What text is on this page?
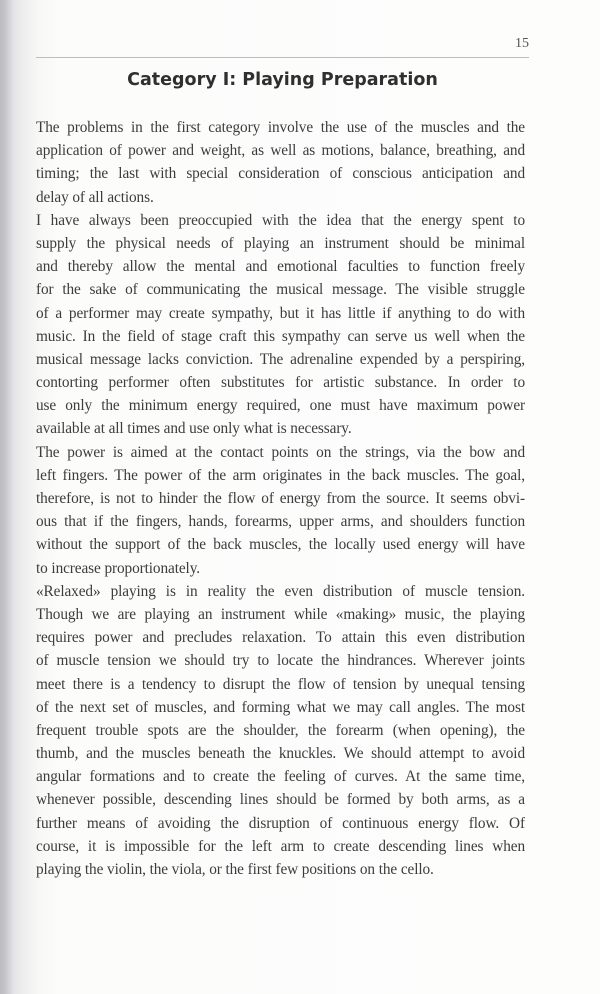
15
Category I: Playing Preparation
The problems in the first category involve the use of the muscles and the
application of power and weight, as well as motions, balance, breathing, and
timing; the last with special consideration of conscious anticipation and
delay of all actions.
I have always been preoccupied with the idea that the energy spent to
supply the physical needs of playing an instrument should be minimal
and thereby allow the mental and emotional faculties to function freely
for the sake of communicating the musical message. The visible struggle
of a performer may create sympathy, but it has little if anything to do with
music. In the field of stage craft this sympathy can serve us well when the
musical message lacks conviction. The adrenaline expended by a perspiring,
contorting performer often substitutes for artistic substance. In order to
use only the minimum energy required, one must have maximum power
available at all times and use only what is necessary.
The power is aimed at the contact points on the strings, via the bow and
left fingers. The power of the arm originates in the back muscles. The goal,
therefore, is not to hinder the flow of energy from the source. It seems obvi-
ous that if the fingers, hands, forearms, upper arms, and shoulders function
without the support of the back muscles, the locally used energy will have
to increase proportionately.
«Relaxed» playing is in reality the even distribution of muscle tension.
Though we are playing an instrument while «making» music, the playing
requires power and precludes relaxation. To attain this even distribution
of muscle tension we should try to locate the hindrances. Wherever joints
meet there is a tendency to disrupt the flow of tension by unequal tensing
of the next set of muscles, and forming what we may call angles. The most
frequent trouble spots are the shoulder, the forearm (when opening), the
thumb, and the muscles beneath the knuckles. We should attempt to avoid
angular formations and to create the feeling of curves. At the same time,
whenever possible, descending lines should be formed by both arms, as a
further means of avoiding the disruption of continuous energy flow. Of
course, it is impossible for the left arm to create descending lines when
playing the violin, the viola, or the first few positions on the cello.
